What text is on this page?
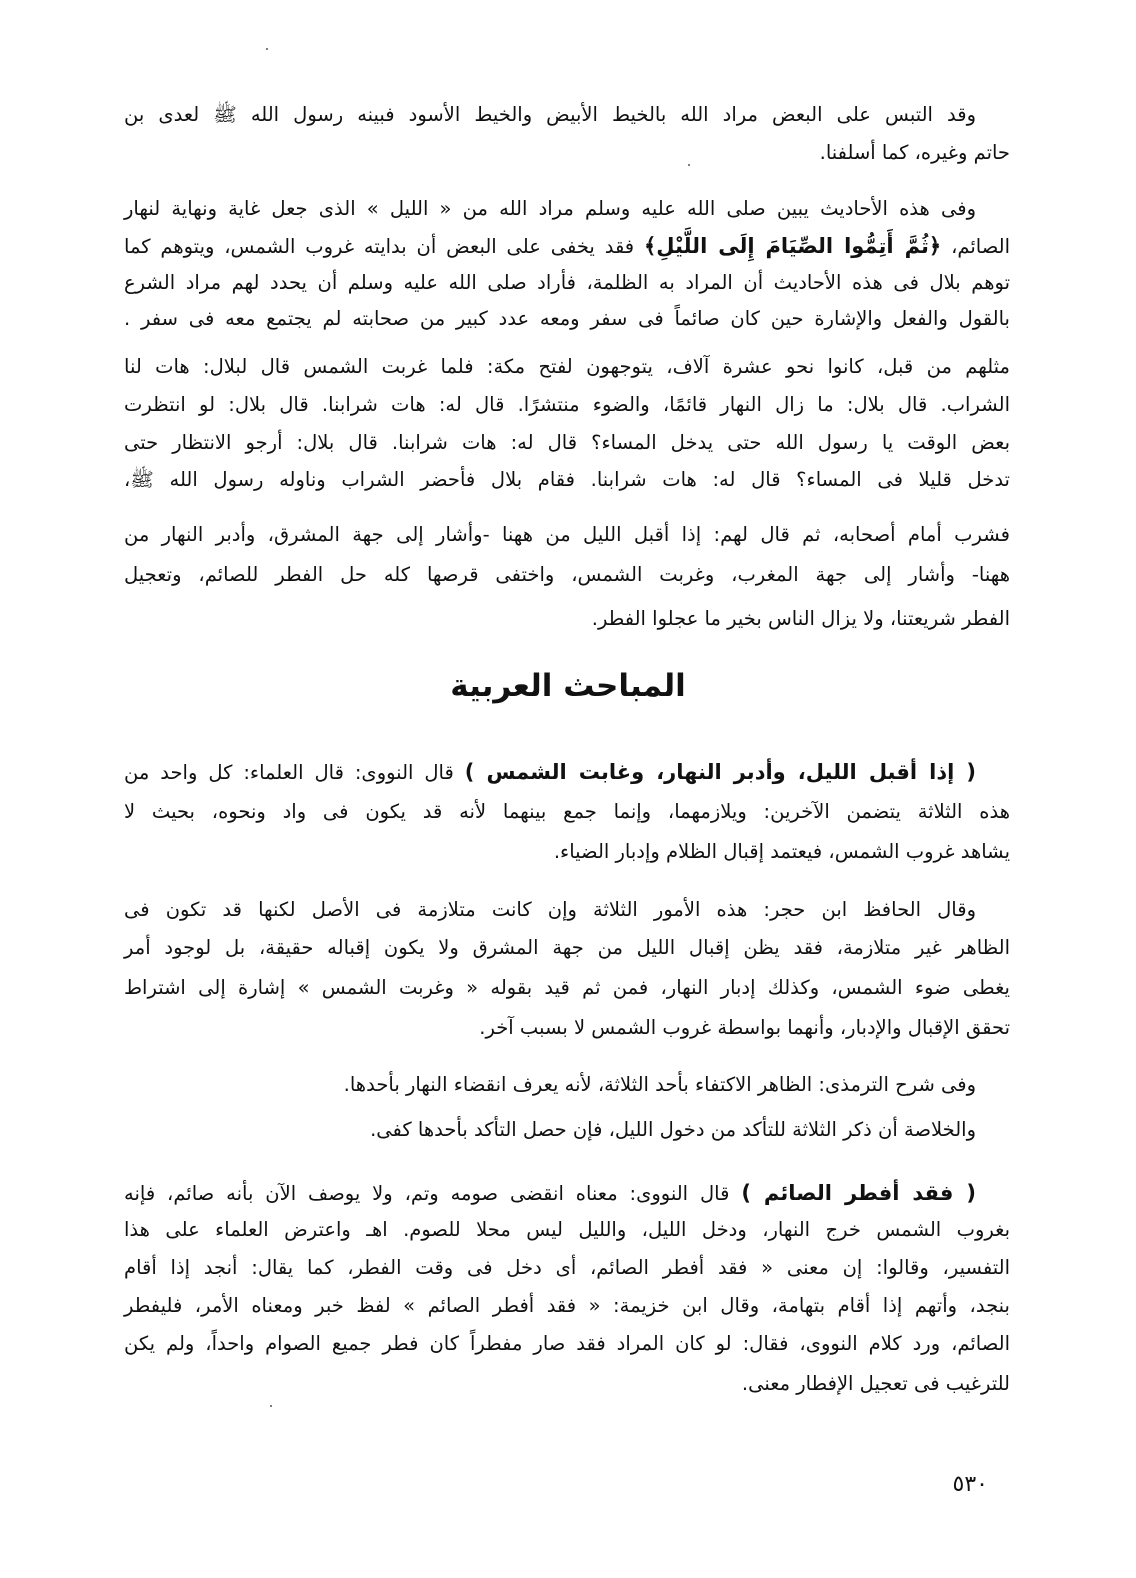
وقد التبس على البعض مراد الله بالخيط الأبيض والخيط الأسود فبينه رسول الله ﷺ لعدى بن
حاتم وغيره، كما أسلفنا.
وفى هذه الأحاديث يبين صلى الله عليه وسلم مراد الله من « الليل » الذى جعل غاية ونهاية لنهار
الصائم، ﴿ثُمَّ أَتِمُّوا الصِّيَامَ إِلَى اللَّيْلِ﴾ فقد يخفى على البعض أن بدايته غروب الشمس، ويتوهم كما
توهم بلال فى هذه الأحاديث أن المراد به الظلمة، فأراد صلى الله عليه وسلم أن يحدد لهم مراد الشرع
بالقول والفعل والإشارة حين كان صائماً فى سفر ومعه عدد كبير من صحابته لم يجتمع معه فى سفر .
مثلهم من قبل، كانوا نحو عشرة آلاف، يتوجهون لفتح مكة: فلما غربت الشمس قال لبلال: هات لنا
الشراب. قال بلال: ما زال النهار قائمًا، والضوء منتشرًا. قال له: هات شرابنا. قال بلال: لو انتظرت
بعض الوقت يا رسول الله حتى يدخل المساء؟ قال له: هات شرابنا. قال بلال: أرجو الانتظار حتى
تدخل قليلا فى المساء؟ قال له: هات شرابنا. فقام بلال فأحضر الشراب وناوله رسول الله ﷺ،
فشرب أمام أصحابه، ثم قال لهم: إذا أقبل الليل من ههنا -وأشار إلى جهة المشرق، وأدبر النهار من
ههنا- وأشار إلى جهة المغرب، وغربت الشمس، واختفى قرصها كله حل الفطر للصائم، وتعجيل
الفطر شريعتنا، ولا يزال الناس بخير ما عجلوا الفطر.
( إذا أقبل الليل، وأدبر النهار، وغابت الشمس ) قال النووى: قال العلماء: كل واحد من
هذه الثلاثة يتضمن الآخرين: ويلازمهما، وإنما جمع بينهما لأنه قد يكون فى واد ونحوه، بحيث لا
يشاهد غروب الشمس، فيعتمد إقبال الظلام وإدبار الضياء.
وقال الحافظ ابن حجر: هذه الأمور الثلاثة وإن كانت متلازمة فى الأصل لكنها قد تكون فى
الظاهر غير متلازمة، فقد يظن إقبال الليل من جهة المشرق ولا يكون إقباله حقيقة، بل لوجود أمر
يغطى ضوء الشمس، وكذلك إدبار النهار، فمن ثم قيد بقوله « وغربت الشمس » إشارة إلى اشتراط
تحقق الإقبال والإدبار، وأنهما بواسطة غروب الشمس لا بسبب آخر.
وفى شرح الترمذى: الظاهر الاكتفاء بأحد الثلاثة، لأنه يعرف انقضاء النهار بأحدها.
والخلاصة أن ذكر الثلاثة للتأكد من دخول الليل، فإن حصل التأكد بأحدها كفى.
( فقد أفطر الصائم ) قال النووى: معناه انقضى صومه وتم، ولا يوصف الآن بأنه صائم، فإنه
بغروب الشمس خرج النهار، ودخل الليل، والليل ليس محلا للصوم. اهـ واعترض العلماء على هذا
التفسير، وقالوا: إن معنى « فقد أفطر الصائم، أى دخل فى وقت الفطر، كما يقال: أنجد إذا أقام
بنجد، وأتهم إذا أقام بتهامة، وقال ابن خزيمة: « فقد أفطر الصائم » لفظ خبر ومعناه الأمر، فليفطر
الصائم، ورد كلام النووى، فقال: لو كان المراد فقد صار مفطراً كان فطر جميع الصوام واحداً، ولم يكن
للترغيب فى تعجيل الإفطار معنى.
المباحث العربية
٥٣٠
